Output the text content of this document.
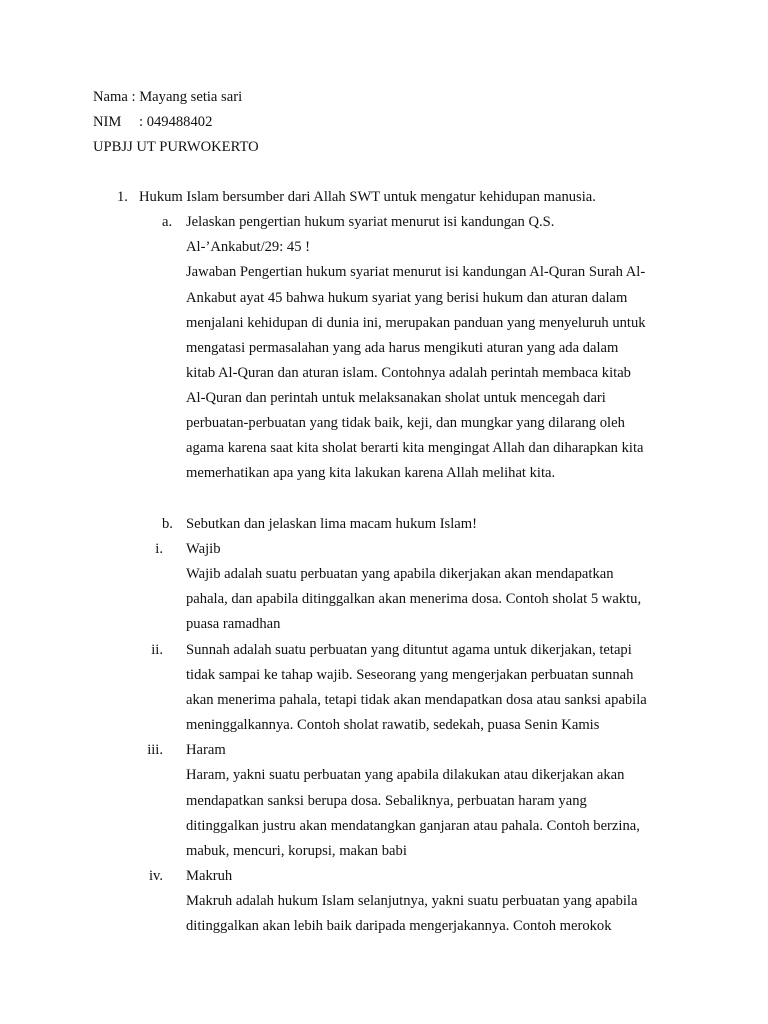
Nama : Mayang setia sari
NIM : 049488402
UPBJJ UT PURWOKERTO
1. Hukum Islam bersumber dari Allah SWT untuk mengatur kehidupan manusia.
a. Jelaskan pengertian hukum syariat menurut isi kandungan Q.S.
Al-’Ankabut/29: 45 !
Jawaban Pengertian hukum syariat menurut isi kandungan Al-Quran Surah Al-
Ankabut ayat 45 bahwa hukum syariat yang berisi hukum dan aturan dalam
menjalani kehidupan di dunia ini, merupakan panduan yang menyeluruh untuk
mengatasi permasalahan yang ada harus mengikuti aturan yang ada dalam
kitab Al-Quran dan aturan islam. Contohnya adalah perintah membaca kitab
Al-Quran dan perintah untuk melaksanakan sholat untuk mencegah dari
perbuatan-perbuatan yang tidak baik, keji, dan mungkar yang dilarang oleh
agama karena saat kita sholat berarti kita mengingat Allah dan diharapkan kita
memerhatikan apa yang kita lakukan karena Allah melihat kita.
b. Sebutkan dan jelaskan lima macam hukum Islam!
i. Wajib
Wajib adalah suatu perbuatan yang apabila dikerjakan akan mendapatkan
pahala, dan apabila ditinggalkan akan menerima dosa. Contoh sholat 5 waktu,
puasa ramadhan
ii. Sunnah adalah suatu perbuatan yang dituntut agama untuk dikerjakan, tetapi
tidak sampai ke tahap wajib. Seseorang yang mengerjakan perbuatan sunnah
akan menerima pahala, tetapi tidak akan mendapatkan dosa atau sanksi apabila
meninggalkannya. Contoh sholat rawatib, sedekah, puasa Senin Kamis
iii. Haram
Haram, yakni suatu perbuatan yang apabila dilakukan atau dikerjakan akan
mendapatkan sanksi berupa dosa. Sebaliknya, perbuatan haram yang
ditinggalkan justru akan mendatangkan ganjaran atau pahala. Contoh berzina,
mabuk, mencuri, korupsi, makan babi
iv. Makruh
Makruh adalah hukum Islam selanjutnya, yakni suatu perbuatan yang apabila
ditinggalkan akan lebih baik daripada mengerjakannya. Contoh merokok
